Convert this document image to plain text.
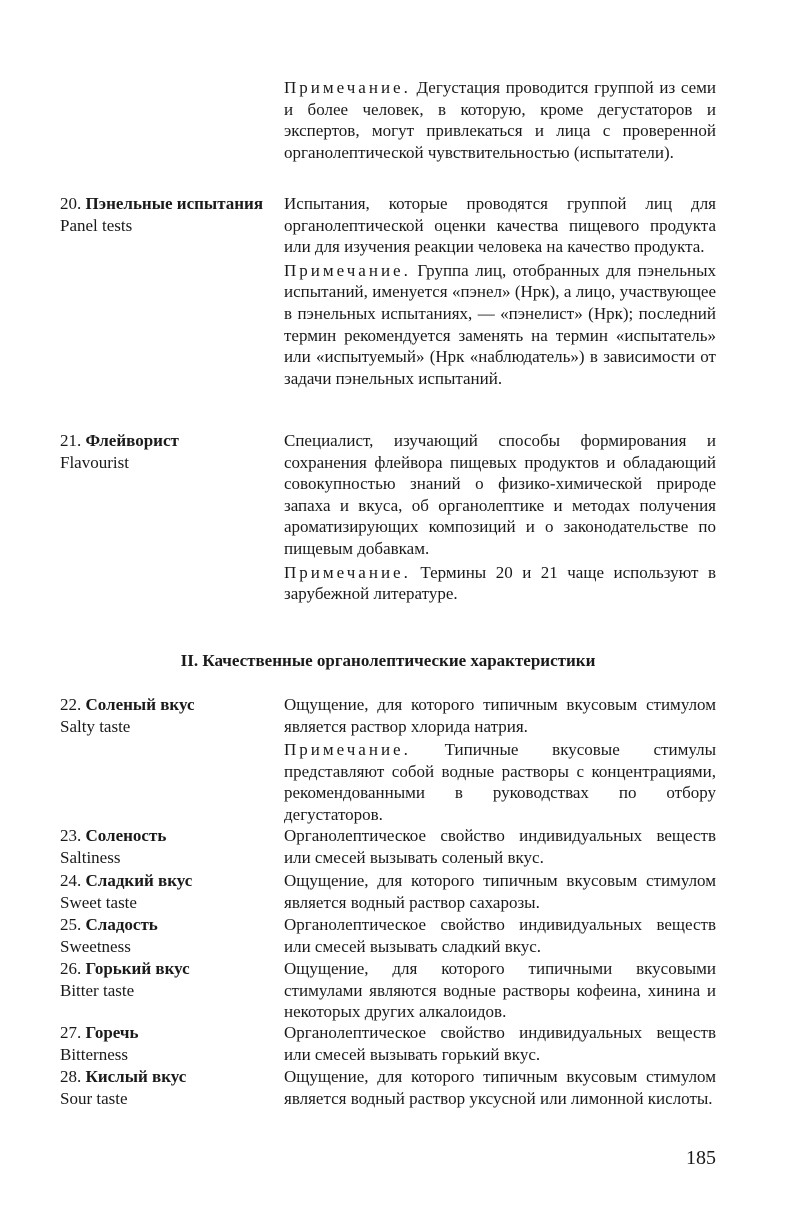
Примечание. Дегустация проводится группой из семи и более человек, в которую, кроме дегустаторов и экспертов, могут привлекаться и лица с проверенной органолептической чувствительностью (испытатели).

20. Пэнельные испытания
Panel tests

Испытания, которые проводятся группой лиц для органолептической оценки качества пищевого продукта или для изучения реакции человека на качество продукта.

Примечание. Группа лиц, отобранных для пэнельных испытаний, именуется «пэнел» (Нрк), а лицо, участвующее в пэнельных испытаниях, — «пэнелист» (Нрк); последний термин рекомендуется заменять на термин «испытатель» или «испытуемый» (Нрк «наблюдатель») в зависимости от задачи пэнельных испытаний.

21. Флейворист
Flavourist

Специалист, изучающий способы формирования и сохранения флейвора пищевых продуктов и обладающий совокупностью знаний о физико-химической природе запаха и вкуса, об органолептике и методах получения ароматизирующих композиций и о законодательстве по пищевым добавкам.

Примечание. Термины 20 и 21 чаще используют в зарубежной литературе.

II. Качественные органолептические характеристики
22. Соленый вкус
Salty taste

Ощущение, для которого типичным вкусовым стимулом является раствор хлорида натрия.

Примечание. Типичные вкусовые стимулы представляют собой водные растворы с концентрациями, рекомендованными в руководствах по отбору дегустаторов.

23. Соленость
Saltiness

Органолептическое свойство индивидуальных веществ или смесей вызывать соленый вкус.

24. Сладкий вкус
Sweet taste

Ощущение, для которого типичным вкусовым стимулом является водный раствор сахарозы.

25. Сладость
Sweetness

Органолептическое свойство индивидуальных веществ или смесей вызывать сладкий вкус.

26. Горький вкус
Bitter taste

Ощущение, для которого типичными вкусовыми стимулами являются водные растворы кофеина, хинина и некоторых других алкалоидов.

27. Горечь
Bitterness

Органолептическое свойство индивидуальных веществ или смесей вызывать горький вкус.

28. Кислый вкус
Sour taste

Ощущение, для которого типичным вкусовым стимулом является водный раствор уксусной или лимонной кислоты.

185
